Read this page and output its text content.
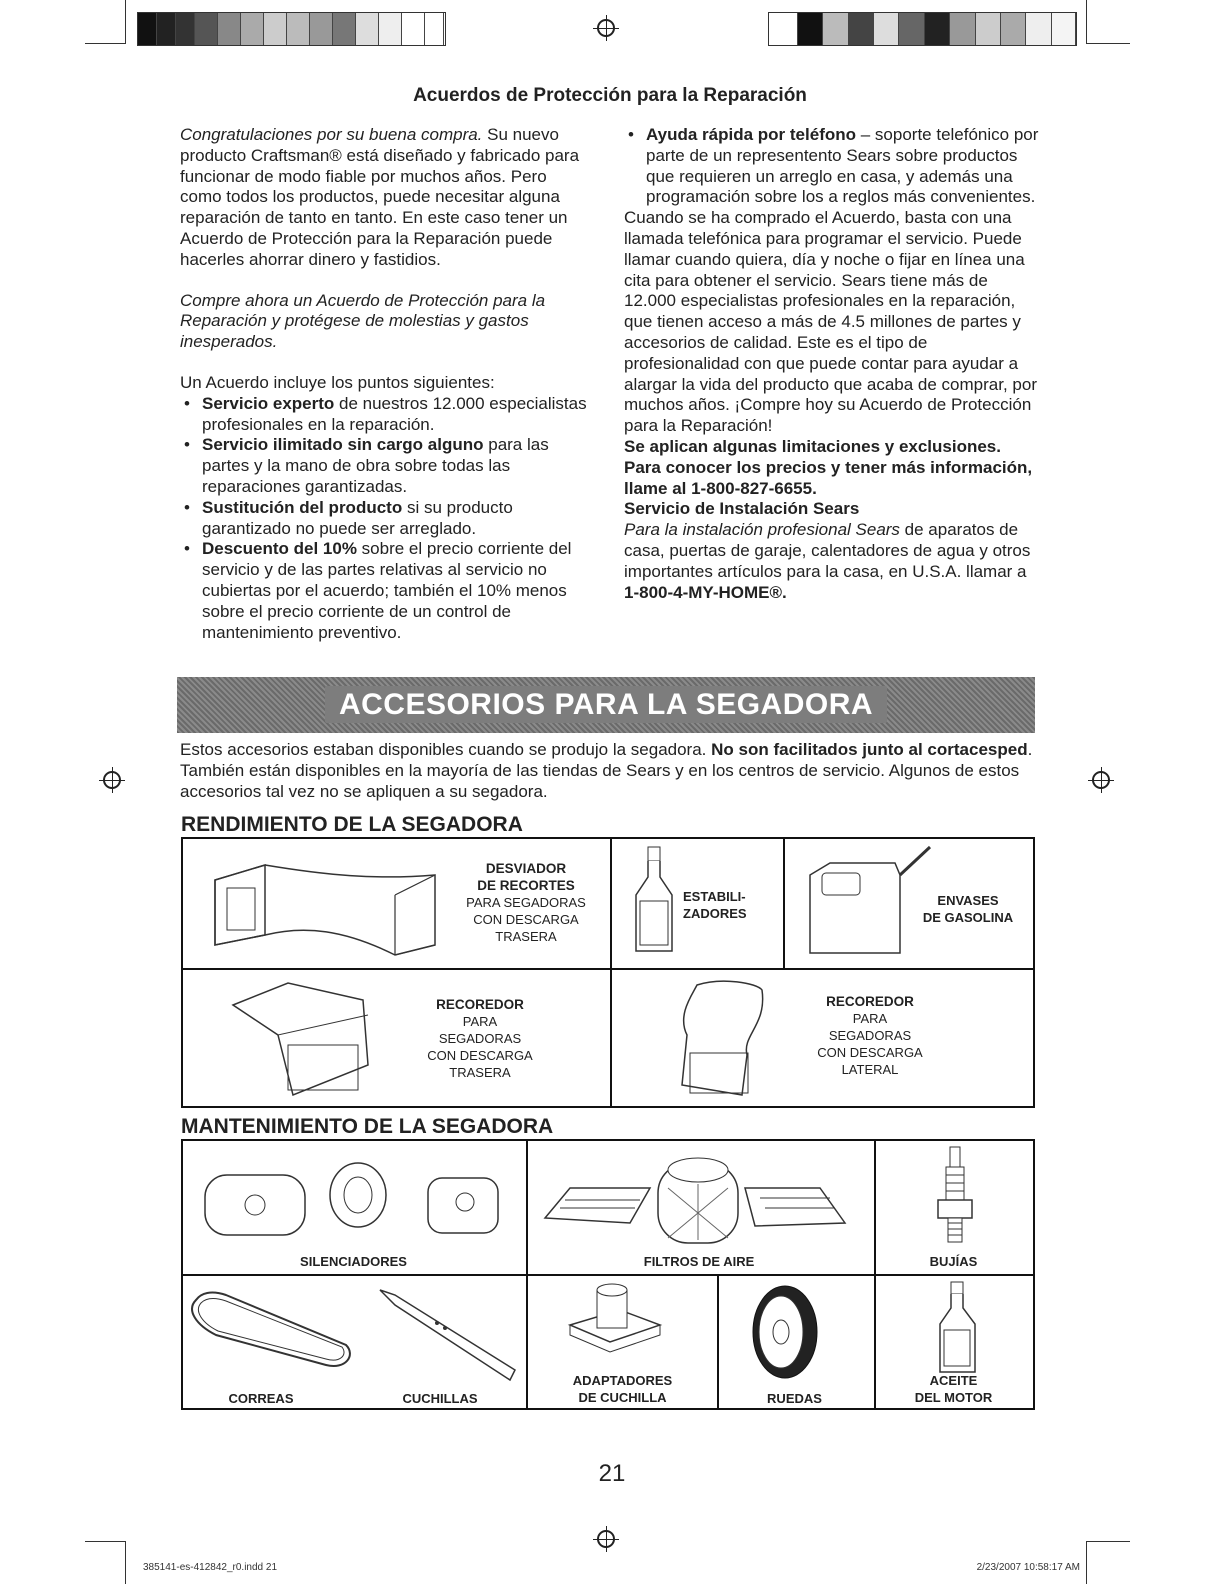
Acuerdos de Protección para la Reparación

Congratulaciones por su buena compra. Su nuevo producto Craftsman® está diseñado y fabricado para funcionar de modo fiable por muchos años. Pero como todos los productos, puede necesitar alguna reparación de tanto en tanto. En este caso tener un Acuerdo de Protección para la Reparación puede hacerles ahorrar dinero y fastidios.

Compre ahora un Acuerdo de Protección para la Reparación y protégese de molestias y gastos inesperados.

Un Acuerdo incluye los puntos siguientes:

• Servicio experto de nuestros 12.000 especialistas profesionales en la reparación.
• Servicio ilimitado sin cargo alguno para las partes y la mano de obra sobre todas las reparaciones garantizadas.
• Sustitución del producto si su producto garantizado no puede ser arreglado.
• Descuento del 10% sobre el precio corriente del servicio y de las partes relativas al servicio no cubiertas por el acuerdo; también el 10% menos sobre el precio corriente de un control de mantenimiento preventivo.
• Ayuda rápida por teléfono – soporte telefónico por parte de un representento Sears sobre productos que requieren un arreglo en casa, y además una programación sobre los a reglos más convenientes.

Cuando se ha comprado el Acuerdo, basta con una llamada telefónica para programar el servicio. Puede llamar cuando quiera, día y noche o fijar en línea una cita para obtener el servicio. Sears tiene más de 12.000 especialistas profesionales en la reparación, que tienen acceso a más de 4.5 millones de partes y accesorios de calidad. Este es el tipo de profesionalidad con que puede contar para ayudar a alargar la vida del producto que acaba de comprar, por muchos años. ¡Compre hoy su Acuerdo de Protección para la Reparación!

Se aplican algunas limitaciones y exclusiones. Para conocer los precios y tener más información, llame al 1-800-827-6655.

Servicio de Instalación Sears

Para la instalación profesional Sears de aparatos de casa, puertas de garaje, calentadores de agua y otros importantes artículos para la casa, en U.S.A. llamar a
1-800-4-MY-HOME®.

ACCESORIOS PARA LA SEGADORA
Estos accesorios estaban disponibles cuando se produjo la segadora. No son facilitados junto al cortacesped. También están disponibles en la mayoría de las tiendas de Sears y en los centros de servicio. Algunos de estos accesorios tal vez no se apliquen a su segadora.
RENDIMIENTO DE LA SEGADORA
DESVIADOR
DE RECORTES
PARA SEGADORAS
CON DESCARGA
TRASERA
ESTABILI-
ZADORES
ENVASES
DE GASOLINA
RECOREDOR
PARA
SEGADORAS
CON DESCARGA
TRASERA
RECOREDOR
PARA
SEGADORAS
CON DESCARGA
LATERAL
MANTENIMIENTO DE LA SEGADORA
SILENCIADORES	FILTROS DE AIRE	BUJÍAS
CORREAS	CUCHILLAS
ADAPTADORES
DE CUCHILLA	RUEDAS
ACEITE
DEL MOTOR
21
385141-es-412842_r0.indd 21	2/23/2007 10:58:17 AM
